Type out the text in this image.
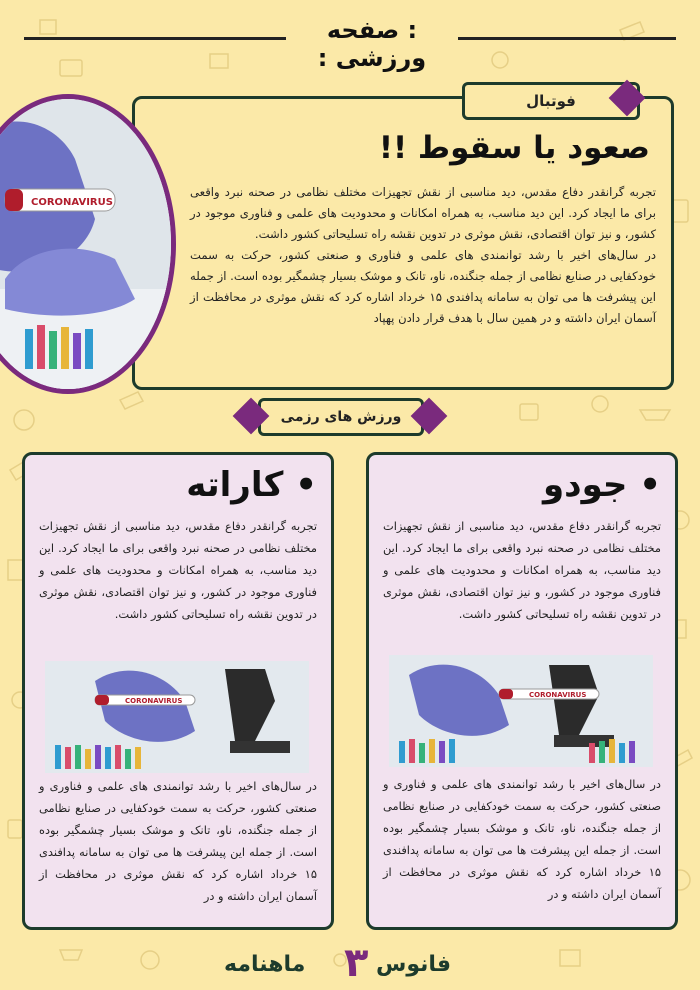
: صفحه ورزشی :
CORONAVIRUS
فوتبال
صعود یا سقوط !!

تجربه گرانقدر دفاع مقدس، دید مناسبی از نقش تجهیزات مختلف نظامی در صحنه نبرد واقعی برای ما ایجاد کرد. این دید مناسب، به همراه امکانات و محدودیت های علمی و فناوری موجود در کشور، و نیز توان اقتصادی، نقش موثری در تدوین نقشه راه تسلیحاتی کشور داشت.

در سال‌های اخیر با رشد توانمندی های علمی و فناوری و صنعتی کشور، حرکت به سمت خودکفایی در صنایع نظامی از جمله جنگنده، ناو، تانک و موشک بسیار چشمگیر بوده است. از جمله این پیشرفت ها می توان به سامانه پدافندی ۱۵ خرداد اشاره کرد که نقش موثری در محافظت از آسمان ایران داشته و در همین سال با هدف قرار دادن پهپاد

ورزش های رزمی
• جودو

تجربه گرانقدر دفاع مقدس، دید مناسبی از نقش تجهیزات مختلف نظامی در صحنه نبرد واقعی برای ما ایجاد کرد. این دید مناسب، به همراه امکانات و محدودیت های علمی و فناوری موجود در کشور، و نیز توان اقتصادی، نقش موثری در تدوین نقشه راه تسلیحاتی کشور داشت.

CORONAVIRUS

در سال‌های اخیر با رشد توانمندی های علمی و فناوری و صنعتی کشور، حرکت به سمت خودکفایی در صنایع نظامی از جمله جنگنده، ناو، تانک و موشک بسیار چشمگیر بوده است. از جمله این پیشرفت ها می توان به سامانه پدافندی ۱۵ خرداد اشاره کرد که نقش موثری در محافظت از آسمان ایران داشته و در

• کاراته

تجربه گرانقدر دفاع مقدس، دید مناسبی از نقش تجهیزات مختلف نظامی در صحنه نبرد واقعی برای ما ایجاد کرد. این دید مناسب، به همراه امکانات و محدودیت های علمی و فناوری موجود در کشور، و نیز توان اقتصادی، نقش موثری در تدوین نقشه راه تسلیحاتی کشور داشت.

CORONAVIRUS

در سال‌های اخیر با رشد توانمندی های علمی و فناوری و صنعتی کشور، حرکت به سمت خودکفایی در صنایع نظامی از جمله جنگنده، ناو، تانک و موشک بسیار چشمگیر بوده است. از جمله این پیشرفت ها می توان به سامانه پدافندی ۱۵ خرداد اشاره کرد که نقش موثری در محافظت از آسمان ایران داشته و در

ماهنامه ۳ فانوس
